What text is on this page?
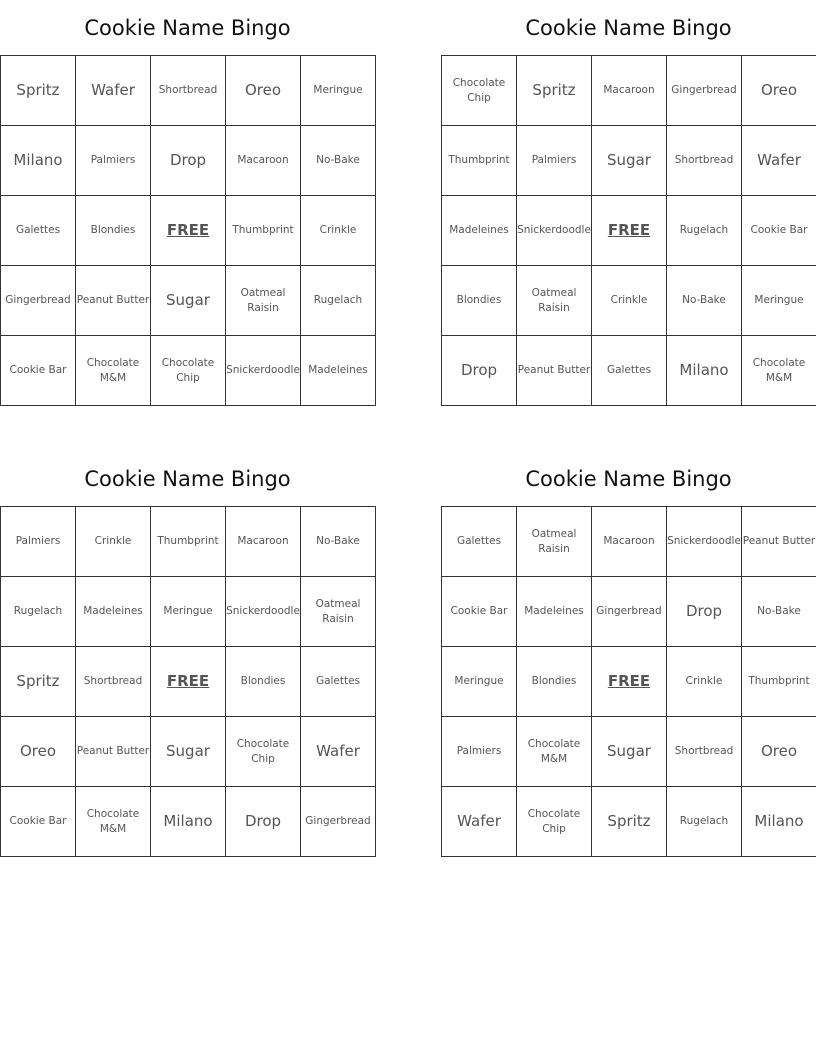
Cookie Name Bingo
Spritz	Wafer	Shortbread	Oreo	Meringue
Milano	Palmiers	Drop	Macaroon	No-Bake
Galettes	Blondies	FREE	Thumbprint	Crinkle
Gingerbread	Peanut Butter	Sugar	Oatmeal Raisin	Rugelach
Cookie Bar	Chocolate M&M	Chocolate Chip	Snickerdoodle	Madeleines
Cookie Name Bingo
Chocolate Chip	Spritz	Macaroon	Gingerbread	Oreo
Thumbprint	Palmiers	Sugar	Shortbread	Wafer
Madeleines	Snickerdoodle	FREE	Rugelach	Cookie Bar
Blondies	Oatmeal Raisin	Crinkle	No-Bake	Meringue
Drop	Peanut Butter	Galettes	Milano	Chocolate M&M
Cookie Name Bingo
Palmiers	Crinkle	Thumbprint	Macaroon	No-Bake
Rugelach	Madeleines	Meringue	Snickerdoodle	Oatmeal Raisin
Spritz	Shortbread	FREE	Blondies	Galettes
Oreo	Peanut Butter	Sugar	Chocolate Chip	Wafer
Cookie Bar	Chocolate M&M	Milano	Drop	Gingerbread
Cookie Name Bingo
Galettes	Oatmeal Raisin	Macaroon	Snickerdoodle	Peanut Butter
Cookie Bar	Madeleines	Gingerbread	Drop	No-Bake
Meringue	Blondies	FREE	Crinkle	Thumbprint
Palmiers	Chocolate M&M	Sugar	Shortbread	Oreo
Wafer	Chocolate Chip	Spritz	Rugelach	Milano
